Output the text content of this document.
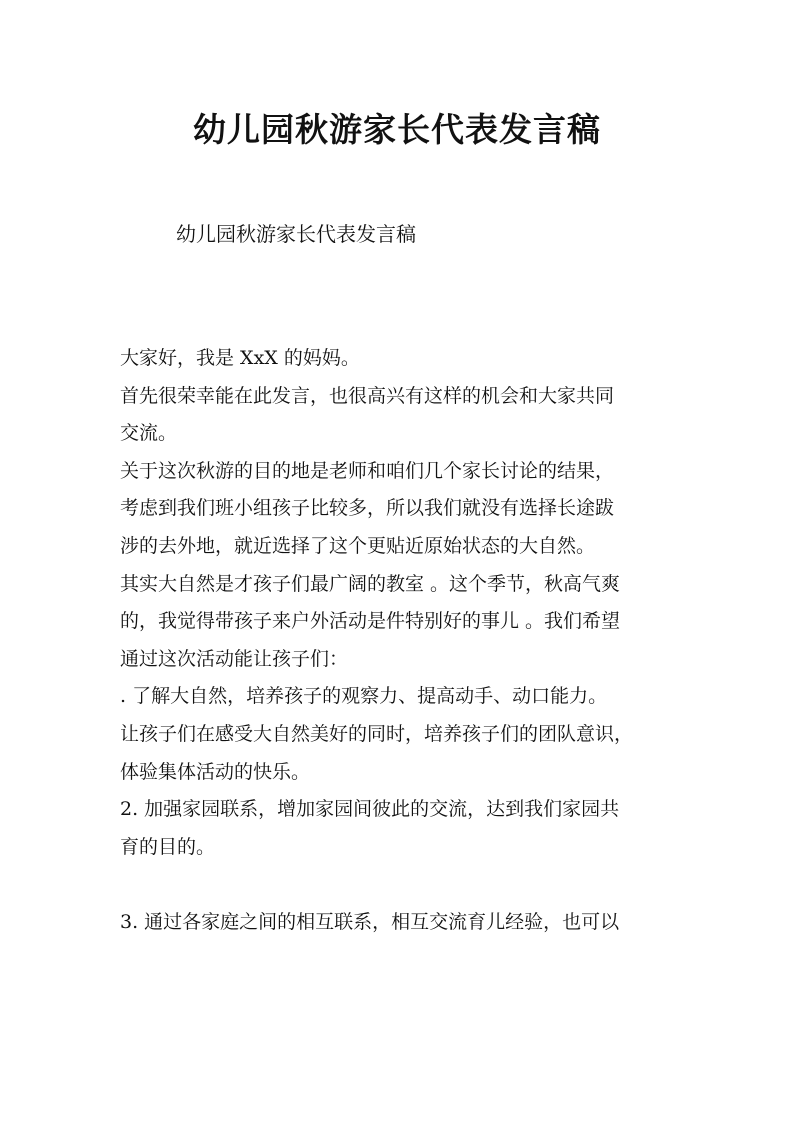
幼儿园秋游家长代表发言稿
幼儿园秋游家长代表发言稿
大家好，我是 XxX 的妈妈。
首先很荣幸能在此发言，也很高兴有这样的机会和大家共同
交流。
关于这次秋游的目的地是老师和咱们几个家长讨论的结果，
考虑到我们班小组孩子比较多，所以我们就没有选择长途跋
涉的去外地，就近选择了这个更贴近原始状态的大自然。
其实大自然是才孩子们最广阔的教室 。这个季节，秋高气爽
的，我觉得带孩子来户外活动是件特别好的事儿 。我们希望
通过这次活动能让孩子们：
. 了解大自然，培养孩子的观察力、提高动手、动口能力。
让孩子们在感受大自然美好的同时，培养孩子们的团队意识，
体验集体活动的快乐。
2. 加强家园联系，增加家园间彼此的交流，达到我们家园共
育的目的。
3. 通过各家庭之间的相互联系，相互交流育儿经验，也可以
